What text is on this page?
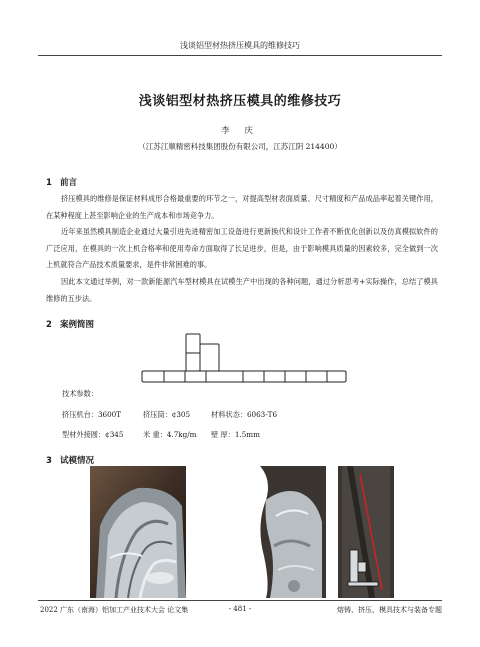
浅谈铝型材热挤压模具的维修技巧
浅谈铝型材热挤压模具的维修技巧
李 庆
（江苏江顺精密科技集团股份有限公司，江苏江阴 214400）
1 前言
挤压模具的维修是保证材料成形合格最重要的环节之一，对提高型材表面质量、尺寸精度和产品成品率起着关键作用，在某种程度上甚至影响企业的生产成本和市场竞争力。
近年来虽然模具制造企业通过大量引进先进精密加工设备进行更新换代和设计工作者不断优化创新以及仿真模拟软件的广泛应用，在模具的一次上机合格率和使用寿命方面取得了长足进步，但是，由于影响模具质量的因素较多，完全做到一次上机就符合产品技术质量要求，是件非常困难的事。
因此本文通过举例，对一款新能源汽车型材模具在试模生产中出现的各种问题，通过分析思考+实际操作，总结了模具维修的五步法。
2 案例简图
技术参数：
挤压机台：3600T	挤压筒：¢305	材料状态：6063-T6
型材外接圆：¢345	米 重：4.7kg/m 壁 厚：1.5mm
3 试模情况
2022 广东（南海）铝加工产业技术大会 论文集	- 481 -	熔铸、挤压、模具技术与装备专题
